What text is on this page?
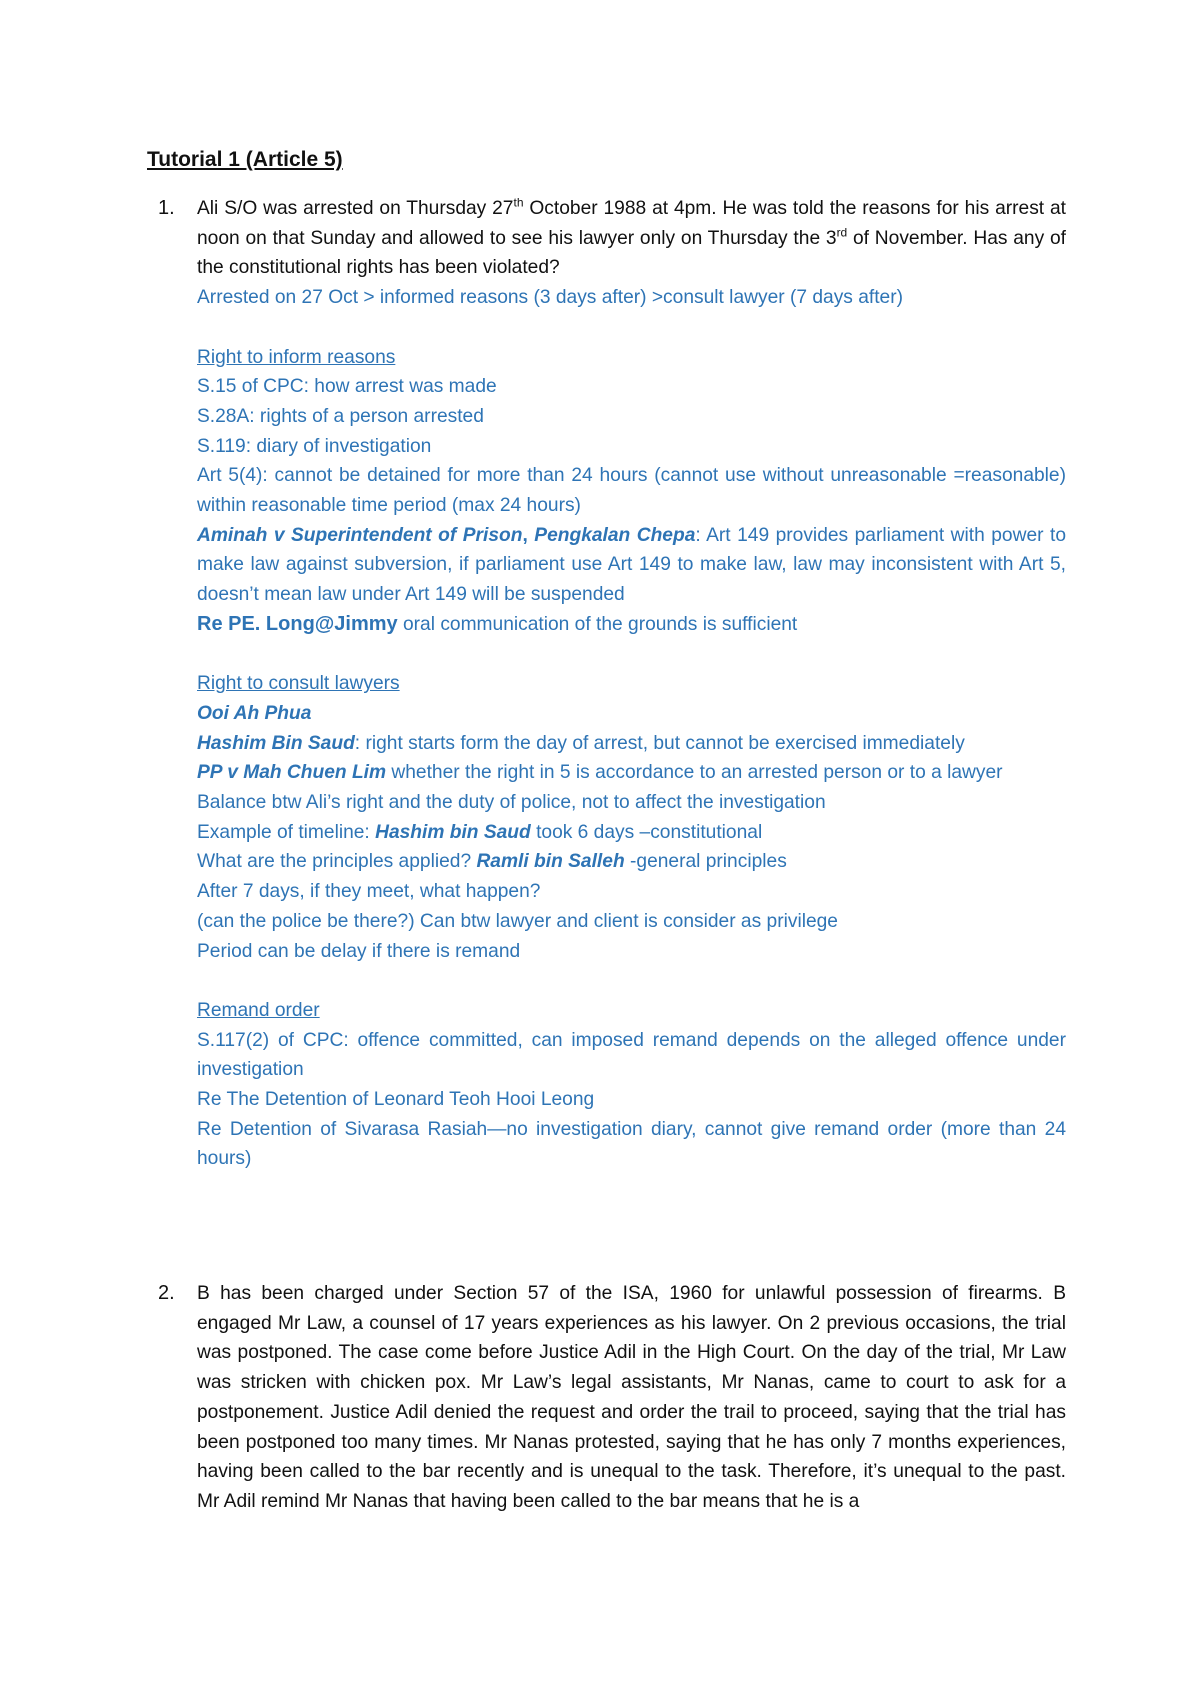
Tutorial 1 (Article 5)
1. Ali S/O was arrested on Thursday 27th October 1988 at 4pm. He was told the reasons for his arrest at noon on that Sunday and allowed to see his lawyer only on Thursday the 3rd of November. Has any of the constitutional rights has been violated?

Arrested on 27 Oct > informed reasons (3 days after) >consult lawyer (7 days after)

Right to inform reasons

S.15 of CPC: how arrest was made

S.28A: rights of a person arrested

S.119: diary of investigation

Art 5(4): cannot be detained for more than 24 hours (cannot use without unreasonable =reasonable) within reasonable time period (max 24 hours)

Aminah v Superintendent of Prison, Pengkalan Chepa: Art 149 provides parliament with power to make law against subversion, if parliament use Art 149 to make law, law may inconsistent with Art 5, doesn’t mean law under Art 149 will be suspended

Re PE. Long@Jimmy oral communication of the grounds is sufficient

Right to consult lawyers

Ooi Ah Phua

Hashim Bin Saud: right starts form the day of arrest, but cannot be exercised immediately

PP v Mah Chuen Lim whether the right in 5 is accordance to an arrested person or to a lawyer

Balance btw Ali’s right and the duty of police, not to affect the investigation

Example of timeline: Hashim bin Saud took 6 days –constitutional

What are the principles applied? Ramli bin Salleh -general principles

After 7 days, if they meet, what happen?

(can the police be there?) Can btw lawyer and client is consider as privilege

Period can be delay if there is remand

Remand order

S.117(2) of CPC: offence committed, can imposed remand depends on the alleged offence under investigation

Re The Detention of Leonard Teoh Hooi Leong

Re Detention of Sivarasa Rasiah—no investigation diary, cannot give remand order (more than 24 hours)

2. B has been charged under Section 57 of the ISA, 1960 for unlawful possession of firearms. B engaged Mr Law, a counsel of 17 years experiences as his lawyer. On 2 previous occasions, the trial was postponed. The case come before Justice Adil in the High Court. On the day of the trial, Mr Law was stricken with chicken pox. Mr Law’s legal assistants, Mr Nanas, came to court to ask for a postponement. Justice Adil denied the request and order the trail to proceed, saying that the trial has been postponed too many times. Mr Nanas protested, saying that he has only 7 months experiences, having been called to the bar recently and is unequal to the task. Therefore, it’s unequal to the past. Mr Adil remind Mr Nanas that having been called to the bar means that he is a
